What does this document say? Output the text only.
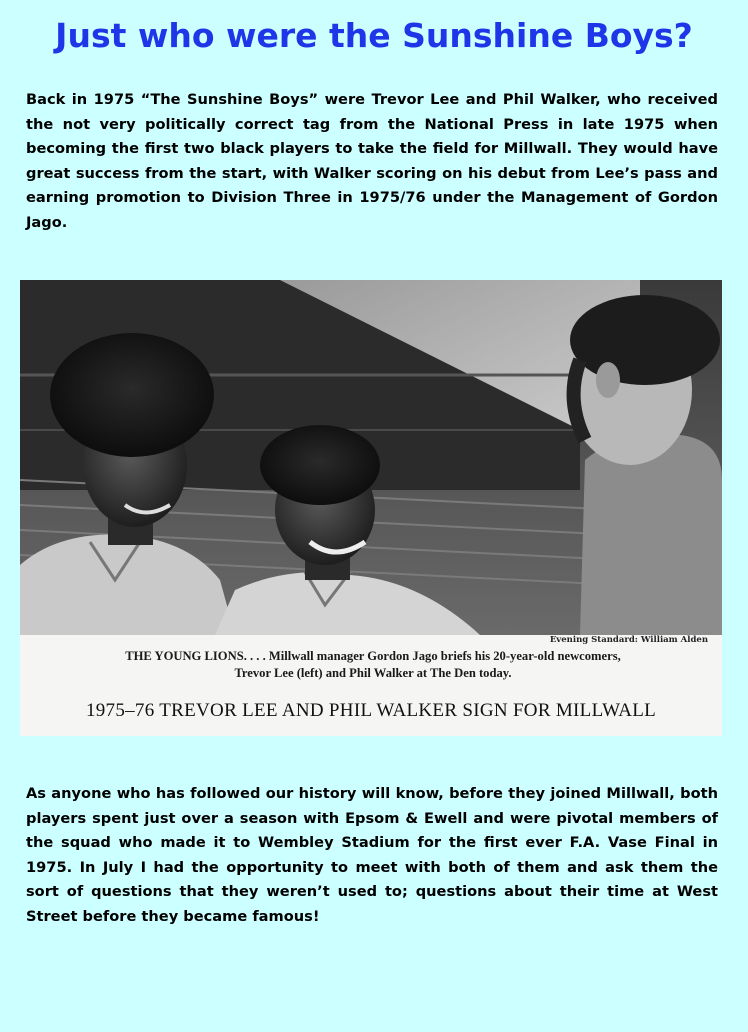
Just who were the Sunshine Boys?

Back in 1975 “The Sunshine Boys” were Trevor Lee and Phil Walker, who received the not very politically correct tag from the National Press in late 1975 when becoming the first two black players to take the field for Millwall. They would have great success from the start, with Walker scoring on his debut from Lee’s pass and earning promotion to Division Three in 1975/76 under the Management of Gordon Jago.

Evening Standard: William Alden
THE YOUNG LIONS. . . . Millwall manager Gordon Jago briefs his 20-year-old newcomers,
Trevor Lee (left) and Phil Walker at The Den today.
1975–76 TREVOR LEE AND PHIL WALKER SIGN FOR MILLWALL

As anyone who has followed our history will know, before they joined Millwall, both players spent just over a season with Epsom & Ewell and were pivotal members of the squad who made it to Wembley Stadium for the first ever F.A. Vase Final in 1975. In July I had the opportunity to meet with both of them and ask them the sort of questions that they weren’t used to; questions about their time at West Street before they became famous!
